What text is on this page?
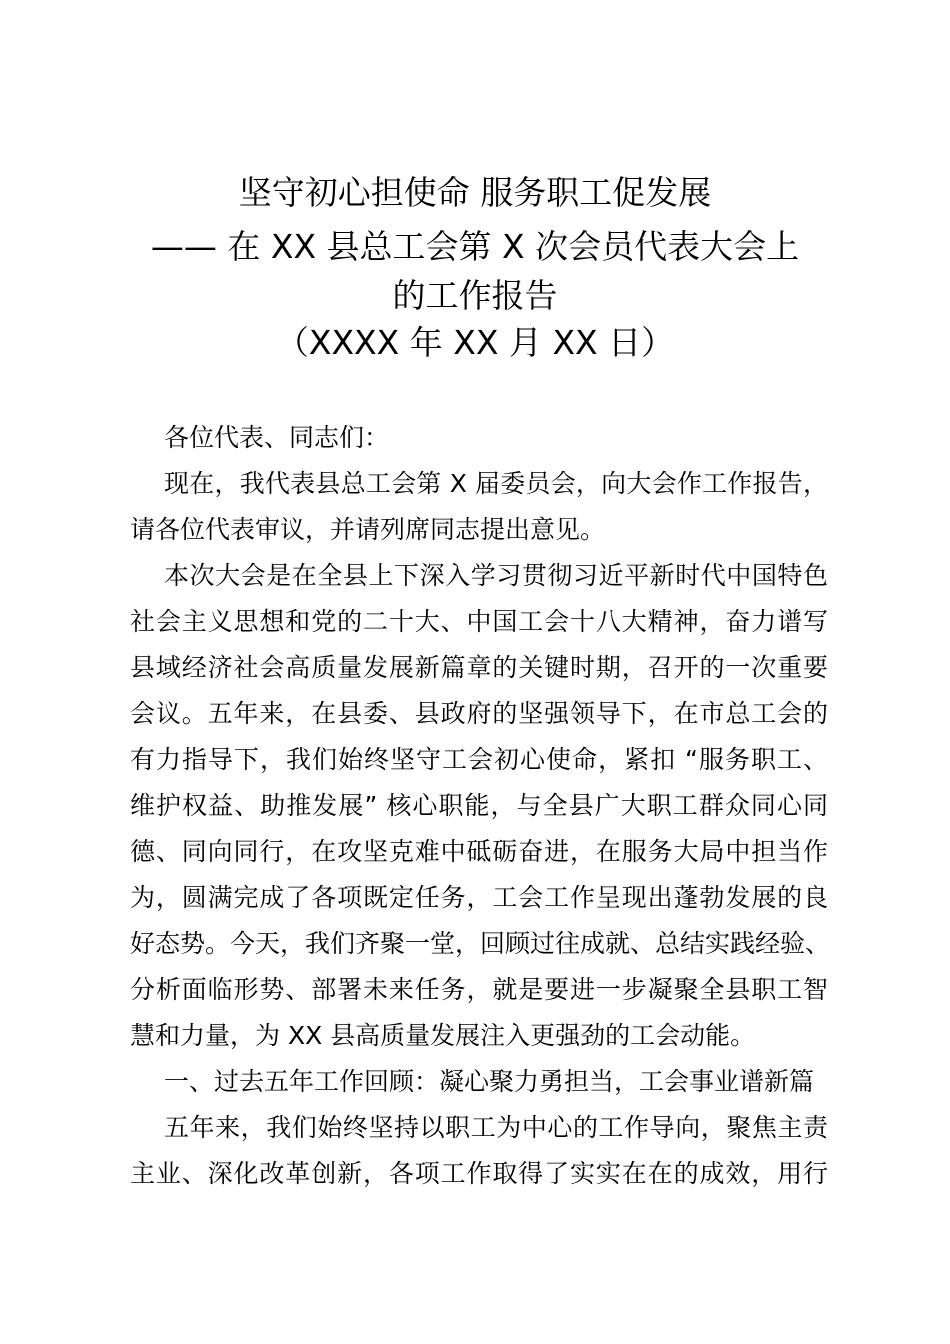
坚守初心担使命 服务职工促发展
—— 在 XX 县总工会第 X 次会员代表大会上
的工作报告
（XXXX 年 XX 月 XX 日）
各位代表、同志们：
现在，我代表县总工会第 X 届委员会，向大会作工作报告，
请各位代表审议，并请列席同志提出意见。
本次大会是在全县上下深入学习贯彻习近平新时代中国特色
社会主义思想和党的二十大、中国工会十八大精神，奋力谱写
县域经济社会高质量发展新篇章的关键时期，召开的一次重要
会议。五年来，在县委、县政府的坚强领导下，在市总工会的
有力指导下，我们始终坚守工会初心使命，紧扣 “服务职工、
维护权益、助推发展” 核心职能，与全县广大职工群众同心同
德、同向同行，在攻坚克难中砥砺奋进，在服务大局中担当作
为，圆满完成了各项既定任务，工会工作呈现出蓬勃发展的良
好态势。今天，我们齐聚一堂，回顾过往成就、总结实践经验、
分析面临形势、部署未来任务，就是要进一步凝聚全县职工智
慧和力量，为 XX 县高质量发展注入更强劲的工会动能。
一、过去五年工作回顾：凝心聚力勇担当，工会事业谱新篇
五年来，我们始终坚持以职工为中心的工作导向，聚焦主责
主业、深化改革创新，各项工作取得了实实在在的成效，用行
